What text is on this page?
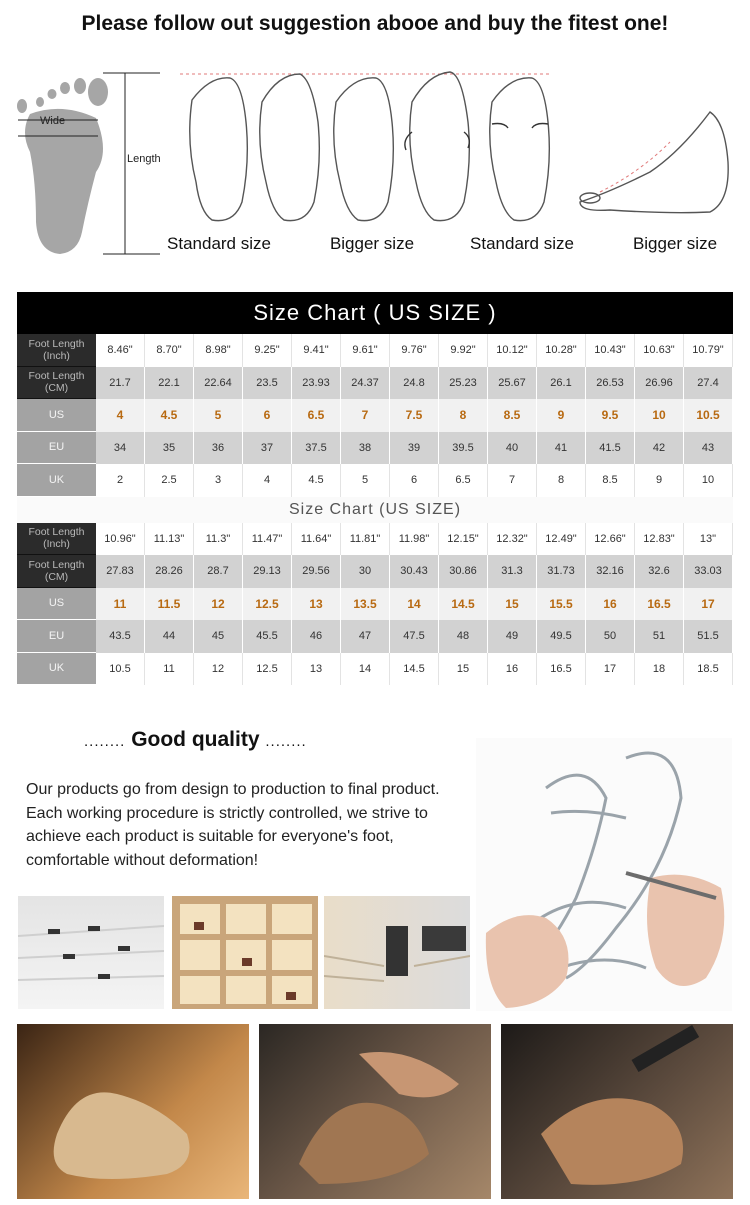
Please follow out suggestion abooe and buy the fitest one!
Wide
Length
Standard size	Bigger size	Standard size	Bigger size
Size Chart ( US SIZE )
Foot Length (Inch)	8.46"	8.70"	8.98"	9.25"	9.41"	9.61"	9.76"	9.92"	10.12"	10.28"	10.43"	10.63"	10.79"
Foot Length (CM)	21.7	22.1	22.64	23.5	23.93	24.37	24.8	25.23	25.67	26.1	26.53	26.96	27.4
US	4	4.5	5	6	6.5	7	7.5	8	8.5	9	9.5	10	10.5
EU	34	35	36	37	37.5	38	39	39.5	40	41	41.5	42	43
UK	2	2.5	3	4	4.5	5	6	6.5	7	8	8.5	9	10
Size Chart (US SIZE)
Foot Length (Inch)	10.96"	11.13"	11.3"	11.47"	11.64"	11.81"	11.98"	12.15"	12.32"	12.49"	12.66"	12.83"	13"
Foot Length (CM)	27.83	28.26	28.7	29.13	29.56	30	30.43	30.86	31.3	31.73	32.16	32.6	33.03
US	11	11.5	12	12.5	13	13.5	14	14.5	15	15.5	16	16.5	17
EU	43.5	44	45	45.5	46	47	47.5	48	49	49.5	50	51	51.5
UK	10.5	11	12	12.5	13	14	14.5	15	16	16.5	17	18	18.5
........ Good quality ........
Our products go from design to production to final product. Each working procedure is strictly controlled, we strive to achieve each product is suitable for everyone's foot, comfortable without deformation!
